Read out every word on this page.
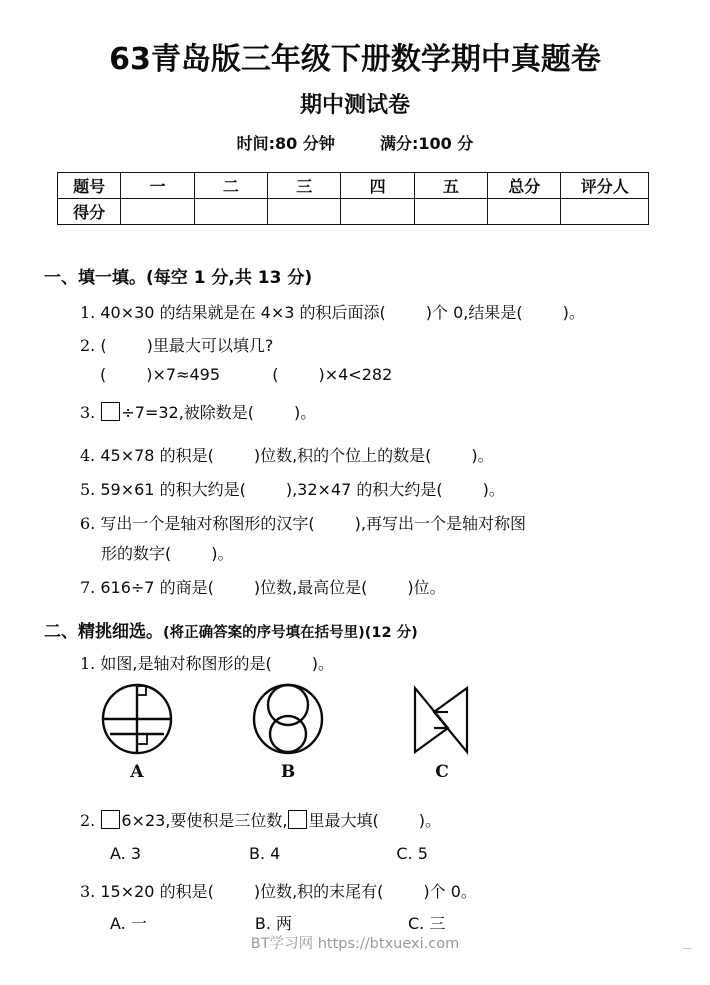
63青岛版三年级下册数学期中真题卷
期中测试卷
时间:80 分钟	满分:100 分
题号	一	二	三	四	五	总分	评分人
得分							
一、填一填。(每空 1 分,共 13 分)
1. 40×30 的结果就是在 4×3 的积后面添(	)个 0,结果是(	)。
2. (	)里最大可以填几?
(	)×7≈495	(	)×4<282
3. ÷7=32,被除数是(	)。
4. 45×78 的积是(	)位数,积的个位上的数是(	)。
5. 59×61 的积大约是(	),32×47 的积大约是(	)。
6. 写出一个是轴对称图形的汉字(	),再写出一个是轴对称图
形的数字(	)。
7. 616÷7 的商是(	)位数,最高位是(	)位。
二、精挑细选。(将正确答案的序号填在括号里)(12 分)
1. 如图,是轴对称图形的是(	)。
A	B	C
2. 6×23,要使积是三位数, 里最大填(	)。
A. 3	B. 4	C. 5
3. 15×20 的积是(	)位数,积的末尾有(	)个 0。
A. 一	B. 两	C. 三
BT学习网 https://btxuexi.com
